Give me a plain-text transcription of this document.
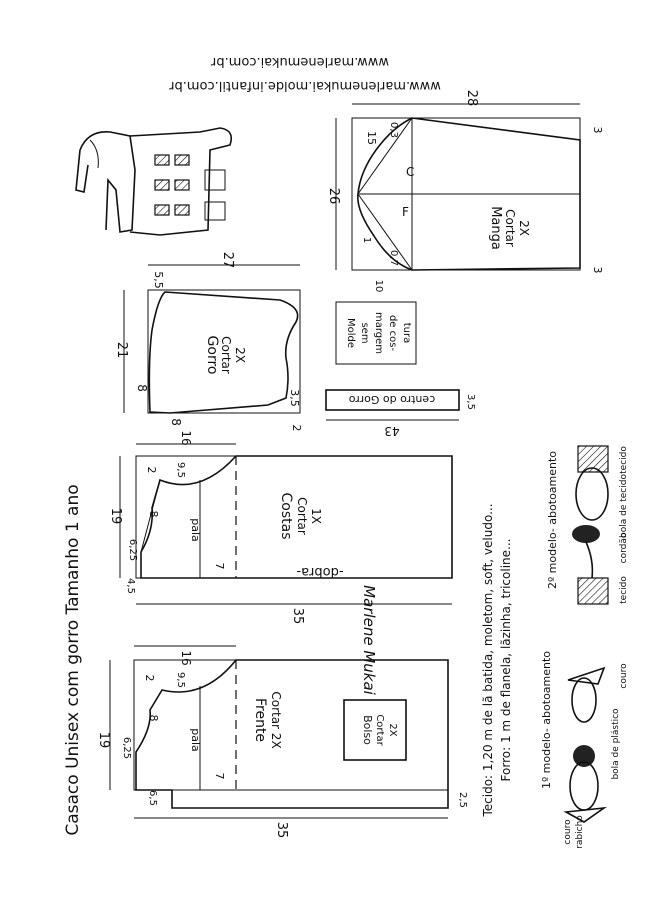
Casaco Unisex com gorro Tamanho 1 ano
www.marlenemukai.com.br
www.marlenemukai.molde.infantil.com.br
Gorro Cortar 2X
27
5,5
21
8
8
3,5
2
centro do Gorro
43
3,5
Molde sem margem de cos- tura
Manga Cortar 2X
C
F
28
26
15
0,3
0,7
10
1
3
3
Costas Cortar 1X
-dobra-
pala
16
19
35
2 9,5
8
6,25
4,5
7
Marlene Mukai
Frente Cortar 2X
pala
16
19
35
2 9,5
8
6,25
6,5	2,5
7
Bolso Cortar 2X	Tecido: 1,20 m de lã batida, moletom, soft, veludo... Forro: 1 m de flanela, lãzinha, tricoline...
2º modelo- abotoamento	tecido
bola de tecido
cordão
tecido
1º modelo- abotoamento	couro
bola de plástico
couro rabicho
